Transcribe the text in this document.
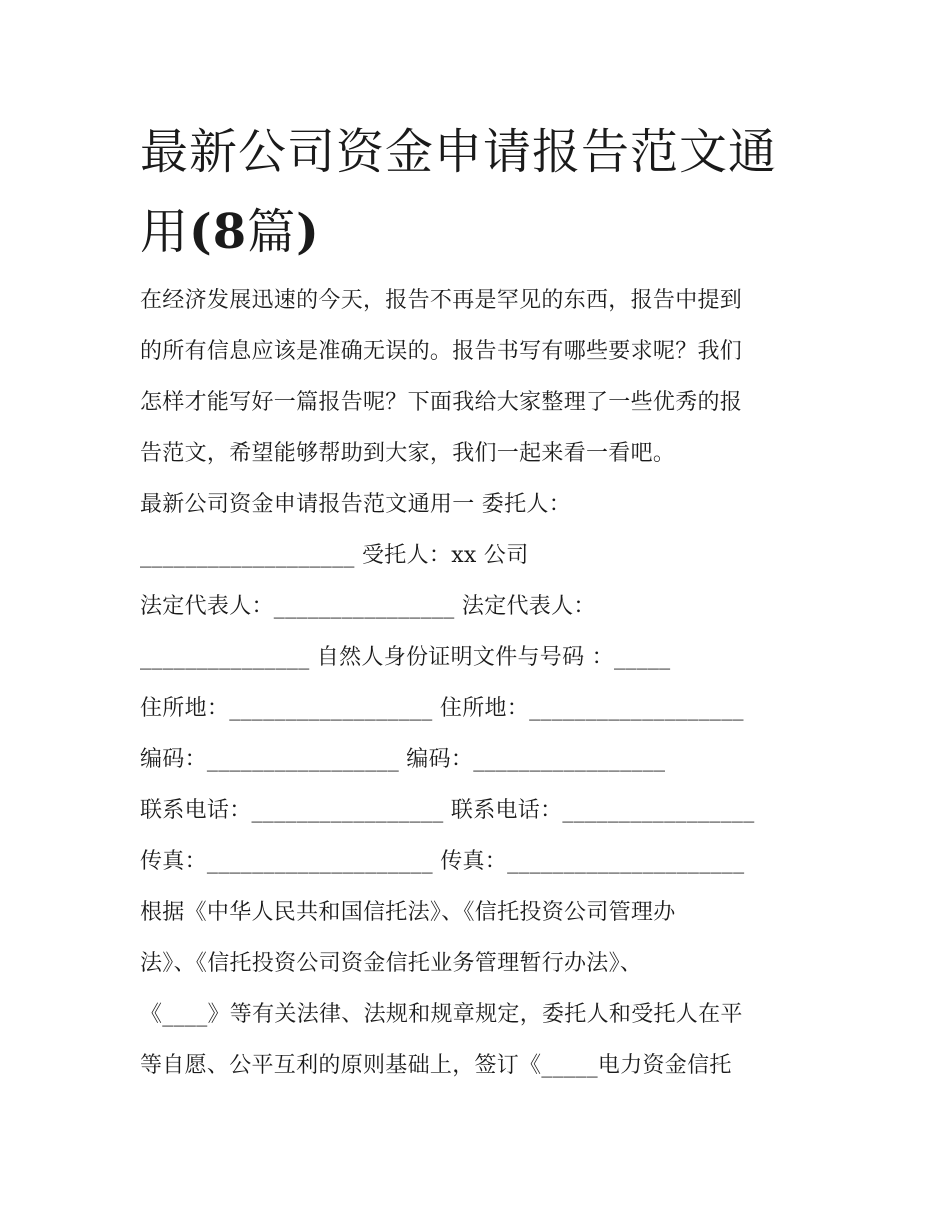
最新公司资金申请报告范文通
用(8篇)
在经济发展迅速的今天，报告不再是罕见的东西，报告中提到
的所有信息应该是准确无误的。报告书写有哪些要求呢？我们
怎样才能写好一篇报告呢？下面我给大家整理了一些优秀的报
告范文，希望能够帮助到大家，我们一起来看一看吧。
最新公司资金申请报告范文通用一 委托人：
___________________ 受托人：xx 公司
法定代表人：________________ 法定代表人：
_______________ 自然人身份证明文件与号码 ：_____
住所地：__________________ 住所地：___________________
编码：_________________ 编码：_________________
联系电话：_________________ 联系电话：_________________
传真：____________________ 传真：_____________________
根据《中华人民共和国信托法》、《信托投资公司管理办
法》、《信托投资公司资金信托业务管理暂行办法》、
《____》等有关法律、法规和规章规定，委托人和受托人在平
等自愿、公平互利的原则基础上，签订《_____电力资金信托
